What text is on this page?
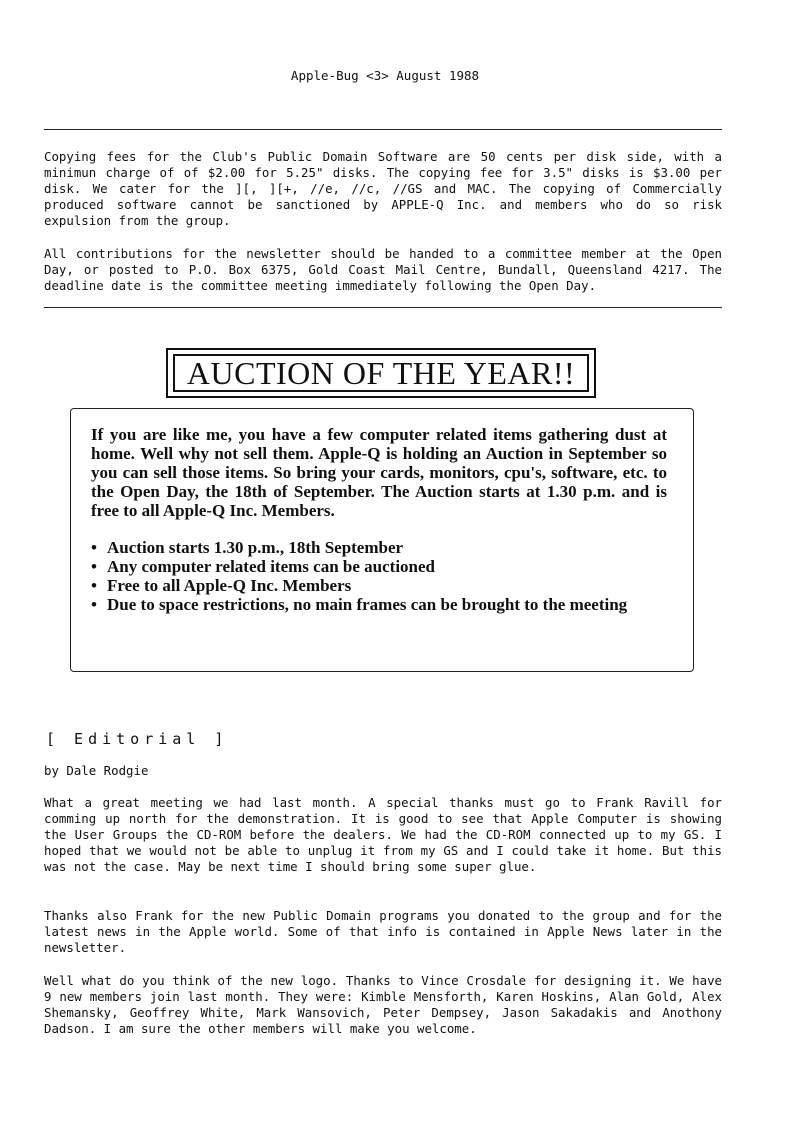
Apple-Bug <3> August 1988

Copying fees for the Club's Public Domain Software are 50 cents per disk side, with a minimun charge of of $2.00 for 5.25" disks. The copying fee for 3.5" disks is $3.00 per disk. We cater for the ][, ][+, //e, //c, //GS and MAC. The copying of Commercially produced software cannot be sanctioned by APPLE-Q Inc. and members who do so risk expulsion from the group.

All contributions for the newsletter should be handed to a committee member at the Open Day, or posted to P.O. Box 6375, Gold Coast Mail Centre, Bundall, Queensland 4217. The deadline date is the committee meeting immediately following the Open Day.

AUCTION OF THE YEAR!!

If you are like me, you have a few computer related items gathering dust at home. Well why not sell them. Apple-Q is holding an Auction in September so you can sell those items. So bring your cards, monitors, cpu's, software, etc. to the Open Day, the 18th of September. The Auction starts at 1.30 p.m. and is free to all Apple-Q Inc. Members.

• Auction starts 1.30 p.m., 18th September
• Any computer related items can be auctioned
• Free to all Apple-Q Inc. Members
• Due to space restrictions, no main frames can be brought to the meeting
[ Editorial ]
by Dale Rodgie

What a great meeting we had last month. A special thanks must go to Frank Ravill for comming up north for the demonstration. It is good to see that Apple Computer is showing the User Groups the CD-ROM before the dealers. We had the CD-ROM connected up to my GS. I hoped that we would not be able to unplug it from my GS and I could take it home. But this was not the case. May be next time I should bring some super glue.

Thanks also Frank for the new Public Domain programs you donated to the group and for the latest news in the Apple world. Some of that info is contained in Apple News later in the newsletter.

Well what do you think of the new logo. Thanks to Vince Crosdale for designing it. We have 9 new members join last month. They were: Kimble Mensforth, Karen Hoskins, Alan Gold, Alex Shemansky, Geoffrey White, Mark Wansovich, Peter Dempsey, Jason Sakadakis and Anothony Dadson. I am sure the other members will make you welcome.
